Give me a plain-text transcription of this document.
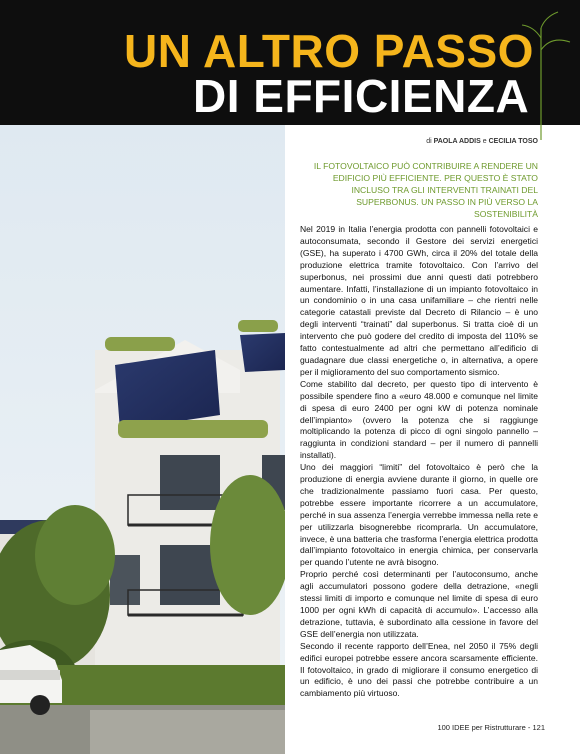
UN ALTRO PASSO
DI EFFICIENZA
di PAOLA ADDIS e CECILIA TOSO
IL FOTOVOLTAICO PUÒ CONTRIBUIRE A RENDERE UN EDIFICIO PIÙ EFFICIENTE. PER QUESTO È STATO INCLUSO TRA GLI INTERVENTI TRAINATI DEL SUPERBONUS. UN PASSO IN PIÙ VERSO LA SOSTENIBILITÀ

Nel 2019 in Italia l’energia prodotta con pannelli fotovoltaici e autoconsumata, secondo il Gestore dei servizi energetici (GSE), ha superato i 4700 GWh, circa il 20% del totale della produzione elettrica tramite fotovoltaico. Con l’arrivo del superbonus, nei prossimi due anni questi dati potrebbero aumentare. Infatti, l’installazione di un impianto fotovoltaico in un condominio o in una casa unifamiliare – che rientri nelle categorie catastali previste dal Decreto di Rilancio – è uno degli interventi “trainati” dal superbonus. Si tratta cioè di un intervento che può godere del credito di imposta del 110% se fatto contestualmente ad altri che permettano all’edificio di guadagnare due classi energetiche o, in alternativa, a opere per il miglioramento del suo comportamento sismico.

Come stabilito dal decreto, per questo tipo di intervento è possibile spendere fino a «euro 48.000 e comunque nel limite di spesa di euro 2400 per ogni kW di potenza nominale dell’impianto» (ovvero la potenza che si raggiunge moltiplicando la potenza di picco di ogni singolo pannello – raggiunta in condizioni standard – per il numero di pannelli installati).

Uno dei maggiori “limiti” del fotovoltaico è però che la produzione di energia avviene durante il giorno, in quelle ore che tradizionalmente passiamo fuori casa. Per questo, potrebbe essere importante ricorrere a un accumulatore, perché in sua assenza l’energia verrebbe immessa nella rete e per utilizzarla bisognerebbe ricomprarla. Un accumulatore, invece, è una batteria che trasforma l’energia elettrica prodotta dall’impianto fotovoltaico in energia chimica, per conservarla per quando l’utente ne avrà bisogno.

Proprio perché così determinanti per l’autoconsumo, anche agli accumulatori possono godere della detrazione, «negli stessi limiti di importo e comunque nel limite di spesa di euro 1000 per ogni kWh di capacità di accumulo». L’accesso alla detrazione, tuttavia, è subordinato alla cessione in favore del GSE dell’energia non utilizzata.

Secondo il recente rapporto dell’Enea, nel 2050 il 75% degli edifici europei potrebbe essere ancora scarsamente efficiente. Il fotovoltaico, in grado di migliorare il consumo energetico di un edificio, è uno dei passi che potrebbe contribuire a un cambiamento più virtuoso.

100 IDEE per Ristrutturare - 121
